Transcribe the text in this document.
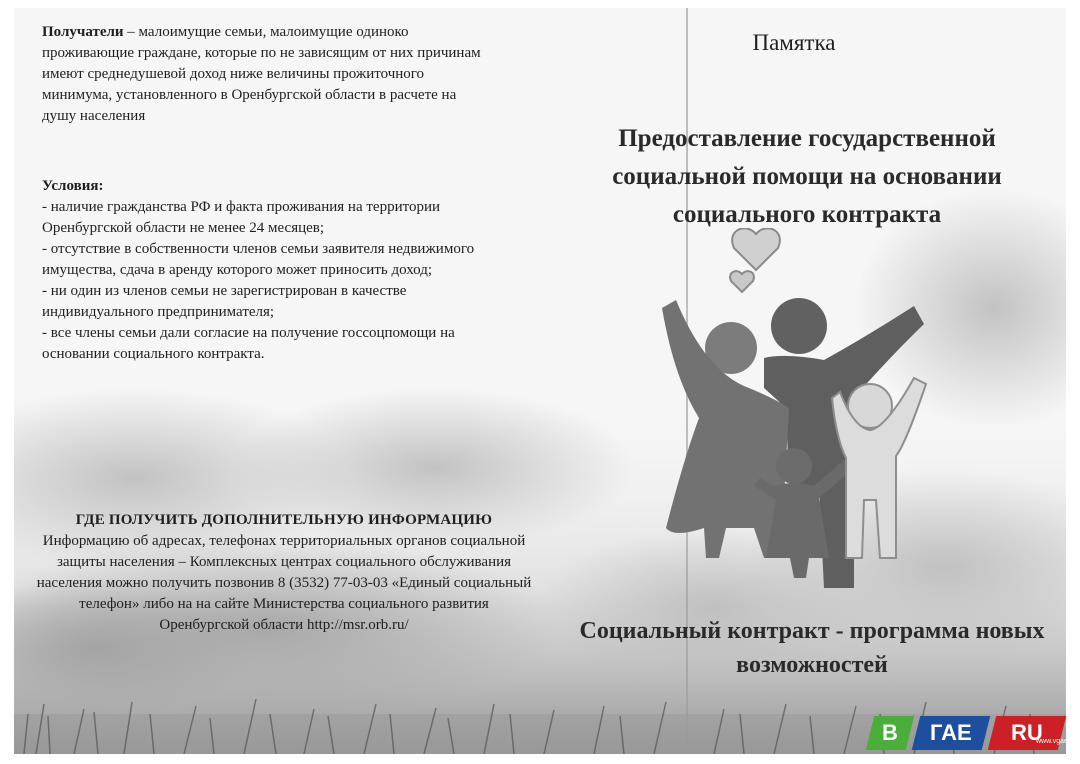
Получатели – малоимущие семьи, малоимущие одиноко проживающие граждане, которые по не зависящим от них причинам имеют среднедушевой доход ниже величины прожиточного минимума, установленного в Оренбургской области в расчете на душу населения
Условия:
- наличие гражданства РФ и факта проживания на территории Оренбургской области не менее 24 месяцев;
- отсутствие в собственности членов семьи заявителя недвижимого имущества, сдача в аренду которого может приносить доход;
- ни один из членов семьи не зарегистрирован в качестве индивидуального предпринимателя;
- все члены семьи дали согласие на получение госсоцпомощи на основании социального контракта.
ГДЕ ПОЛУЧИТЬ ДОПОЛНИТЕЛЬНУЮ ИНФОРМАЦИЮ
Информацию об адресах, телефонах территориальных органов социальной защиты населения – Комплексных центрах социального обслуживания населения можно получить позвонив 8 (3532) 77-03-03 «Единый социальный телефон» либо на на сайте Министерства социального развития Оренбургской области http://msr.orb.ru/
Памятка
Предоставление государственной социальной помощи на основании социального контракта
Социальный контракт - программа новых возможностей
В	ГАЕ	RU
www.vgae.ru
